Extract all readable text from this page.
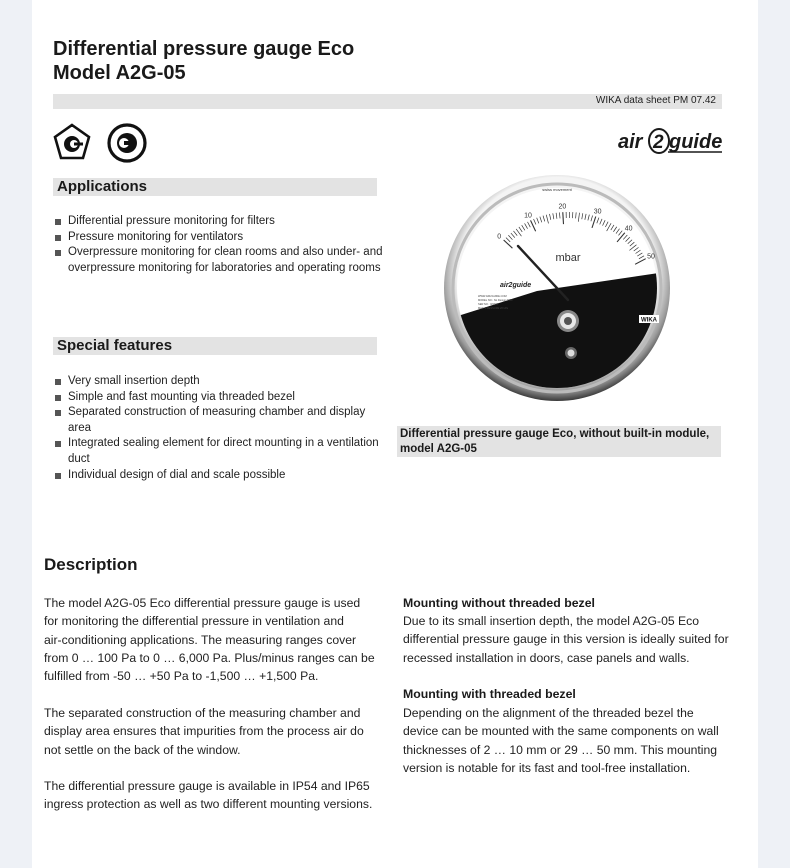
Differential pressure gauge Eco
Model A2G-05
WIKA data sheet PM 07.42
air 2 guide
Applications
Differential pressure monitoring for filters
Pressure monitoring for ventilators
Overpressure monitoring for clean rooms and also under- and overpressure monitoring for laboratories and operating rooms
Special features
Very small insertion depth
Simple and fast mounting via threaded bezel
Separated construction of measuring chamber and display area
Integrated sealing element for direct mounting in a ventilation duct
Individual design of dial and scale possible
0
10
20
30
40
50
swiss movement
mbar
air2guide
WWW.AIR2GUIDE.COM
MODEL NO.: No Design 0000
SER NO.: 0/0000
MAX. PRESSURE 20 kPa
WIKA
Differential pressure gauge Eco, without built-in module,
model A2G-05
Description
The model A2G-05 Eco differential pressure gauge is used
for monitoring the differential pressure in ventilation and
air-conditioning applications. The measuring ranges cover
from 0 … 100 Pa to 0 … 6,000 Pa. Plus/minus ranges can be
fulfilled from -50 … +50 Pa to -1,500 … +1,500 Pa.
The separated construction of the measuring chamber and
display area ensures that impurities from the process air do
not settle on the back of the window.
The differential pressure gauge is available in IP54 and IP65
ingress protection as well as two different mounting versions.
Mounting without threaded bezel
Due to its small insertion depth, the model A2G-05 Eco
differential pressure gauge in this version is ideally suited for
recessed installation in doors, case panels and walls.
Mounting with threaded bezel
Depending on the alignment of the threaded bezel the
device can be mounted with the same components on wall
thicknesses of 2 … 10 mm or 29 … 50 mm. This mounting
version is notable for its fast and tool-free installation.
